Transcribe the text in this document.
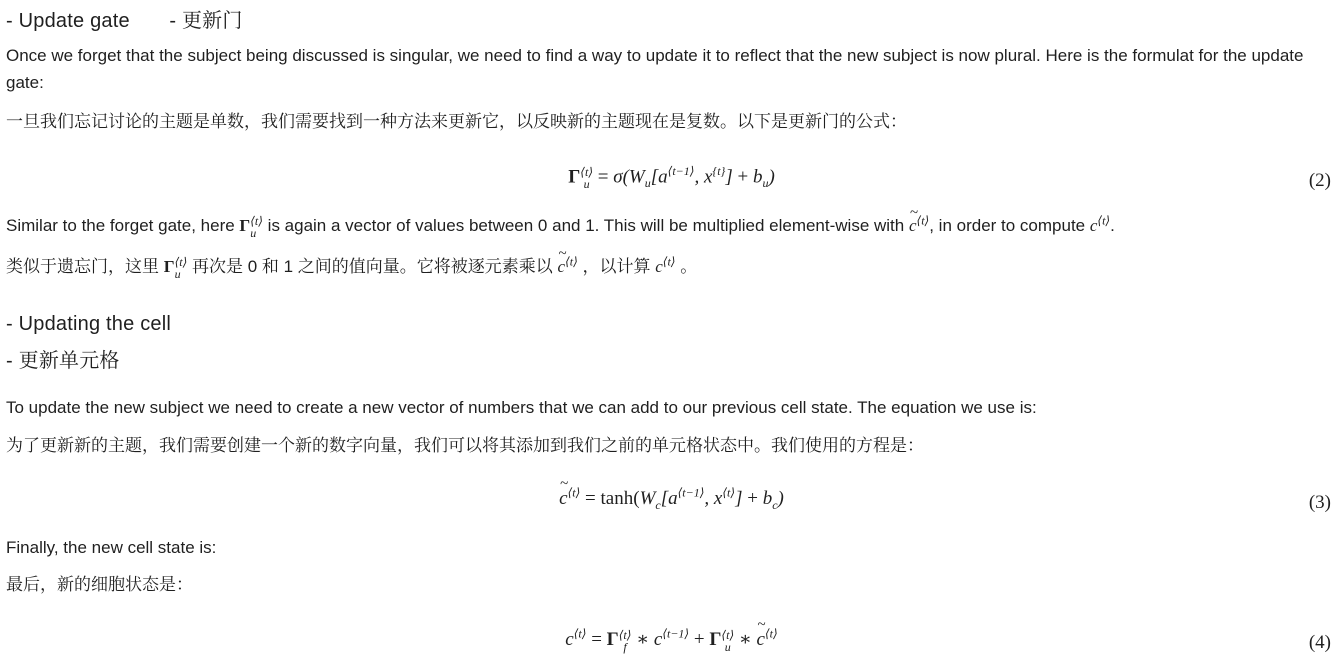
- Update gate - 更新门

Once we forget that the subject being discussed is singular, we need to find a way to update it to reflect that the new subject is now plural. Here is the formulat for the update gate:

一旦我们忘记讨论的主题是单数，我们需要找到一种方法来更新它，以反映新的主题现在是复数。以下是更新门的公式：

Γ ⟨t⟩
$u = \sigma(W_u[a^{⟨t-1⟩}$, $x^{\{t\}}] + b_u$)	(2)

Similar to the forget gate, here Γ ⟨t⟩
u is again a vector of values between 0 and 1. This will be multiplied element-wise with ~ $c^{⟨t⟩}$, in order to compute $c^{⟨t⟩}$.

类似于遗忘门，这里 Γ ⟨t⟩
u 再次是 0 和 1 之间的值向量。它将被逐元素乘以 ~ $c^{⟨t⟩}$ ，以计算 $c^{⟨t⟩}$ 。

- Updating the cell
- 更新单元格

To update the new subject we need to create a new vector of numbers that we can add to our previous cell state. The equation we use is:

为了更新新的主题，我们需要创建一个新的数字向量，我们可以将其添加到我们之前的单元格状态中。我们使用的方程是：

~ $c^{⟨t⟩} = \tanh(W_c[a^{⟨t-1⟩}$, $x^{⟨t⟩}] + b_c$)	(3)

Finally, the new cell state is:

最后，新的细胞状态是：

$c^{⟨t⟩} = \Gamma$ ⟨t⟩
f ∗ $c^{⟨t-1⟩} + \Gamma$ ⟨t⟩
u ∗ ~ $c^{⟨t⟩}$	(4)
